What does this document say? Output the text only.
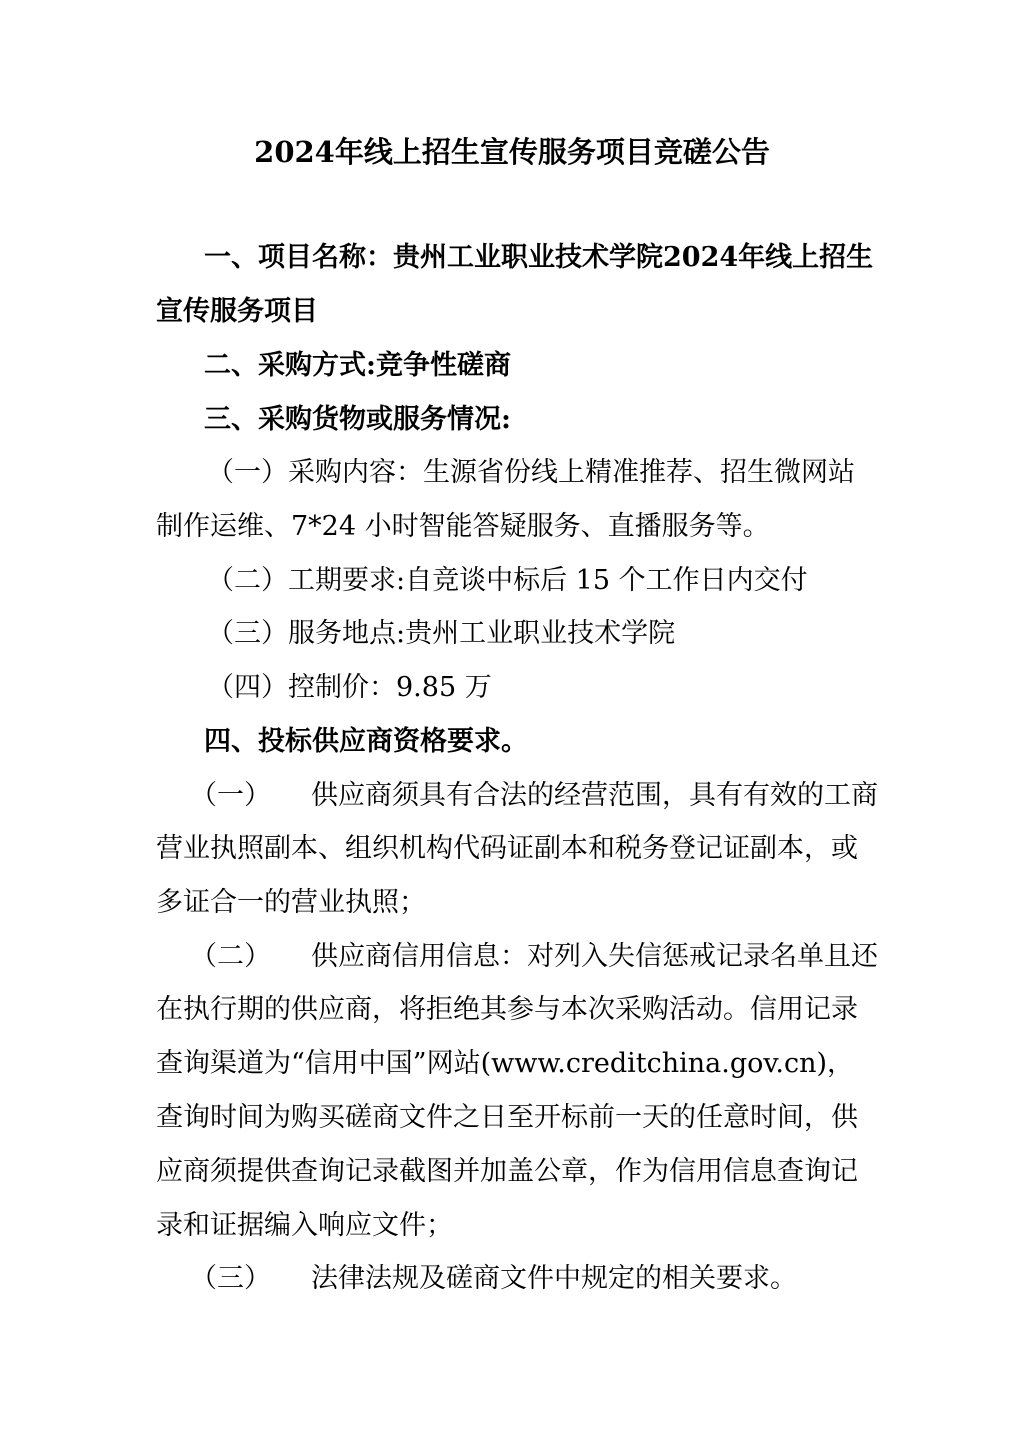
2024年线上招生宣传服务项目竞磋公告
一、项目名称：贵州工业职业技术学院2024年线上招生
宣传服务项目
二、采购方式:竞争性磋商
三、采购货物或服务情况:
（一）采购内容：生源省份线上精准推荐、招生微网站
制作运维、7*24 小时智能答疑服务、直播服务等。
（二）工期要求:自竞谈中标后 15 个工作日内交付
（三）服务地点:贵州工业职业技术学院
（四）控制价：9.85 万
四、投标供应商资格要求。
（一） 供应商须具有合法的经营范围，具有有效的工商
营业执照副本、组织机构代码证副本和税务登记证副本，或
多证合一的营业执照；
（二） 供应商信用信息：对列入失信惩戒记录名单且还
在执行期的供应商，将拒绝其参与本次采购活动。信用记录
查询渠道为“信用中国”网站(www.creditchina.gov.cn)，
查询时间为购买磋商文件之日至开标前一天的任意时间，供
应商须提供查询记录截图并加盖公章，作为信用信息查询记
录和证据编入响应文件；
（三） 法律法规及磋商文件中规定的相关要求。
